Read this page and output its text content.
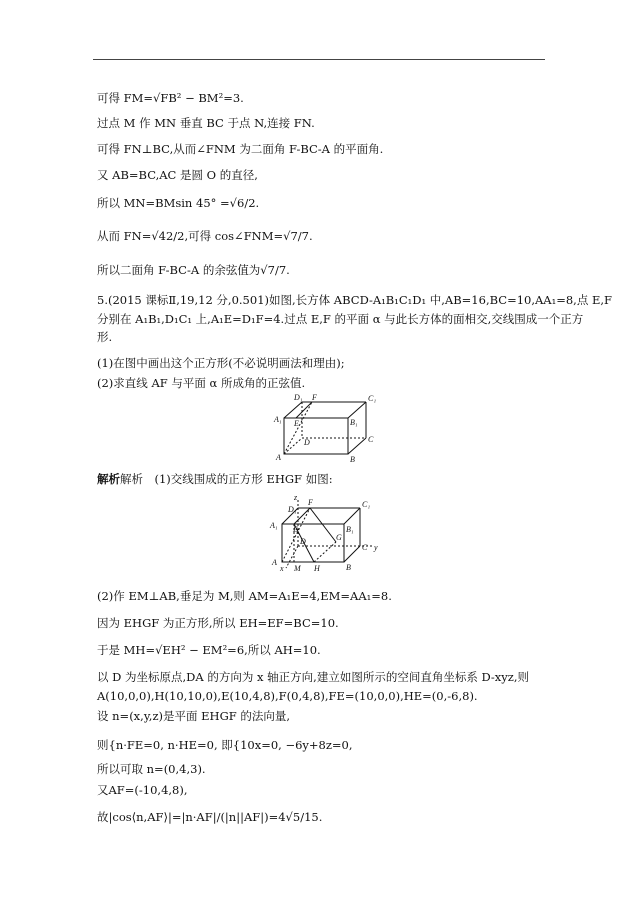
可得 FM=√FB² − BM²=3.
过点 M 作 MN 垂直 BC 于点 N,连接 FN.
可得 FN⊥BC,从而∠FNM 为二面角 F-BC-A 的平面角.
又 AB=BC,AC 是圆 O 的直径,
所以 MN=BMsin 45° =√6/2.
从而 FN=√42/2,可得 cos∠FNM=√7/7.
所以二面角 F-BC-A 的余弦值为√7/7.
5.(2015 课标Ⅱ,19,12 分,0.501)如图,长方体 ABCD-A₁B₁C₁D₁ 中,AB=16,BC=10,AA₁=8,点 E,F
分别在 A₁B₁,D₁C₁ 上,A₁E=D₁F=4.过点 E,F 的平面 α 与此长方体的面相交,交线围成一个正方
形.
(1)在图中画出这个正方形(不必说明画法和理由);
(2)求直线 AF 与平面 α 所成角的正弦值.
D₁ F	C₁
A₁ E	B₁
D	C
A	B
解析解析　(1)交线围成的正方形 EHGF 如图:
z
D₁
F	C₁
A₁ E	B₁
D	G
C y
A
M H	B
x
(2)作 EM⊥AB,垂足为 M,则 AM=A₁E=4,EM=AA₁=8.
因为 EHGF 为正方形,所以 EH=EF=BC=10.
于是 MH=√EH² − EM²=6,所以 AH=10.
以 D 为坐标原点,DA 的方向为 x 轴正方向,建立如图所示的空间直角坐标系 D-xyz,则
A(10,0,0),H(10,10,0),E(10,4,8),F(0,4,8),FE=(10,0,0),HE=(0,-6,8).
设 n=(x,y,z)是平面 EHGF 的法向量,
则{n·FE=0, n·HE=0, 即{10x=0, −6y+8z=0,
所以可取 n=(0,4,3).
又AF=(-10,4,8),
故|cos⟨n,AF⟩|=|n·AF|/(|n||AF|)=4√5/15.
